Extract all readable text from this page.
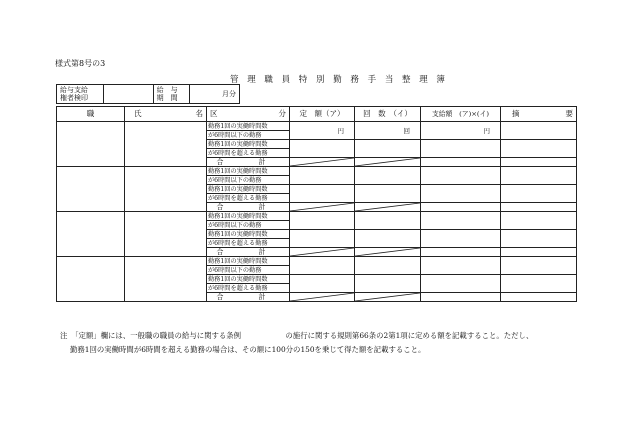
様式第8号の3
管 理 職 員 特 別 勤 務 手 当 整 理 簿
給与支給
権者検印

給　与
期　間	月分
職	氏 名	区 分	定　額（ア）	回　数　（イ）	支給額　(ア)×(イ)	摘 要

		勤務1回の実働時間数	円	回	円	
		が6時間以下の勤務				
		勤務1回の実働時間数				
		が6時間を超える勤務				
		合　計	

		勤務1回の実働時間数				
		が6時間以下の勤務				
		勤務1回の実働時間数				
		が6時間を超える勤務				
		合　計	

		勤務1回の実働時間数				
		が6時間以下の勤務				
		勤務1回の実働時間数				
		が6時間を超える勤務				
		合　計	

		勤務1回の実働時間数				
		が6時間以下の勤務				
		勤務1回の実働時間数				
		が6時間を超える勤務				
		合　計	

注　「定額」欄には、一般職の職員の給与に関する条例　　　　　　の施行に関する規則第66条の2第1項に定める額を記載すること。ただし、
勤務1回の実働時間が6時間を超える勤務の場合は、その額に100分の150を乗じて得た額を記載すること。
